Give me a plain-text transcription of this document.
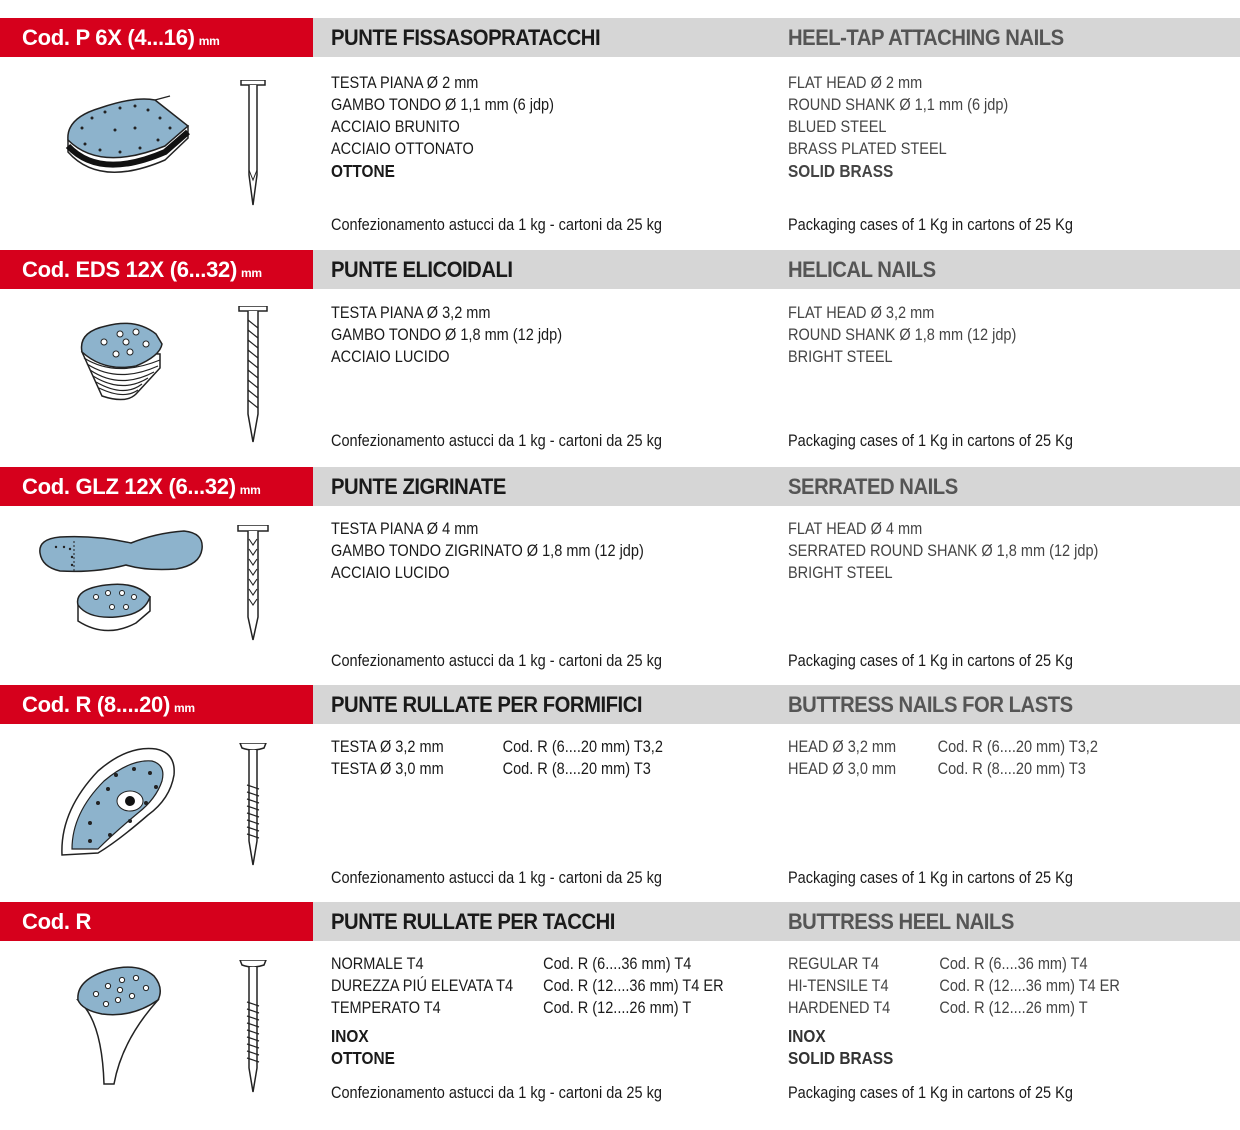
Cod. P 6X (4...16) mm	PUNTE FISSASOPRATACCHI	HEEL-TAP ATTACHING NAILS
TESTA PIANA Ø 2 mm
GAMBO TONDO Ø 1,1 mm (6 jdp)
ACCIAIO BRUNITO
ACCIAIO OTTONATO
OTTONE
FLAT HEAD Ø 2 mm
ROUND SHANK Ø 1,1 mm (6 jdp)
BLUED STEEL
BRASS PLATED STEEL
SOLID BRASS
Confezionamento astucci da 1 kg - cartoni da 25 kg	Packaging cases of 1 Kg in cartons of 25 Kg
Cod. EDS 12X (6...32) mm	PUNTE ELICOIDALI	HELICAL NAILS
TESTA PIANA Ø 3,2 mm
GAMBO TONDO Ø 1,8 mm (12 jdp)
ACCIAIO LUCIDO
FLAT HEAD Ø 3,2 mm
ROUND SHANK Ø 1,8 mm (12 jdp)
BRIGHT STEEL
Confezionamento astucci da 1 kg - cartoni da 25 kg	Packaging cases of 1 Kg in cartons of 25 Kg
Cod. GLZ 12X (6...32) mm	PUNTE ZIGRINATE	SERRATED NAILS
TESTA PIANA Ø 4 mm
GAMBO TONDO ZIGRINATO Ø 1,8 mm (12 jdp)
ACCIAIO LUCIDO
FLAT HEAD Ø 4 mm
SERRATED ROUND SHANK Ø 1,8 mm (12 jdp)
BRIGHT STEEL
Confezionamento astucci da 1 kg - cartoni da 25 kg	Packaging cases of 1 Kg in cartons of 25 Kg
Cod. R (8....20) mm	PUNTE RULLATE PER FORMIFICI	BUTTRESS NAILS FOR LASTS
TESTA Ø 3,2 mm	Cod. R (6....20 mm) T3,2
TESTA Ø 3,0 mm	Cod. R (8....20 mm) T3
HEAD Ø 3,2 mm	Cod. R (6....20 mm) T3,2
HEAD Ø 3,0 mm	Cod. R (8....20 mm) T3
Confezionamento astucci da 1 kg - cartoni da 25 kg	Packaging cases of 1 Kg in cartons of 25 Kg
Cod. R	PUNTE RULLATE PER TACCHI	BUTTRESS HEEL NAILS
NORMALE T4	Cod. R (6....36 mm) T4
DUREZZA PIÚ ELEVATA T4 Cod. R (12....36 mm) T4 ER
TEMPERATO T4	Cod. R (12....26 mm) T
INOX
OTTONE
REGULAR T4	Cod. R (6....36 mm) T4
HI-TENSILE T4	Cod. R (12....36 mm) T4 ER
HARDENED T4	Cod. R (12....26 mm) T
INOX
SOLID BRASS
Confezionamento astucci da 1 kg - cartoni da 25 kg	Packaging cases of 1 Kg in cartons of 25 Kg
